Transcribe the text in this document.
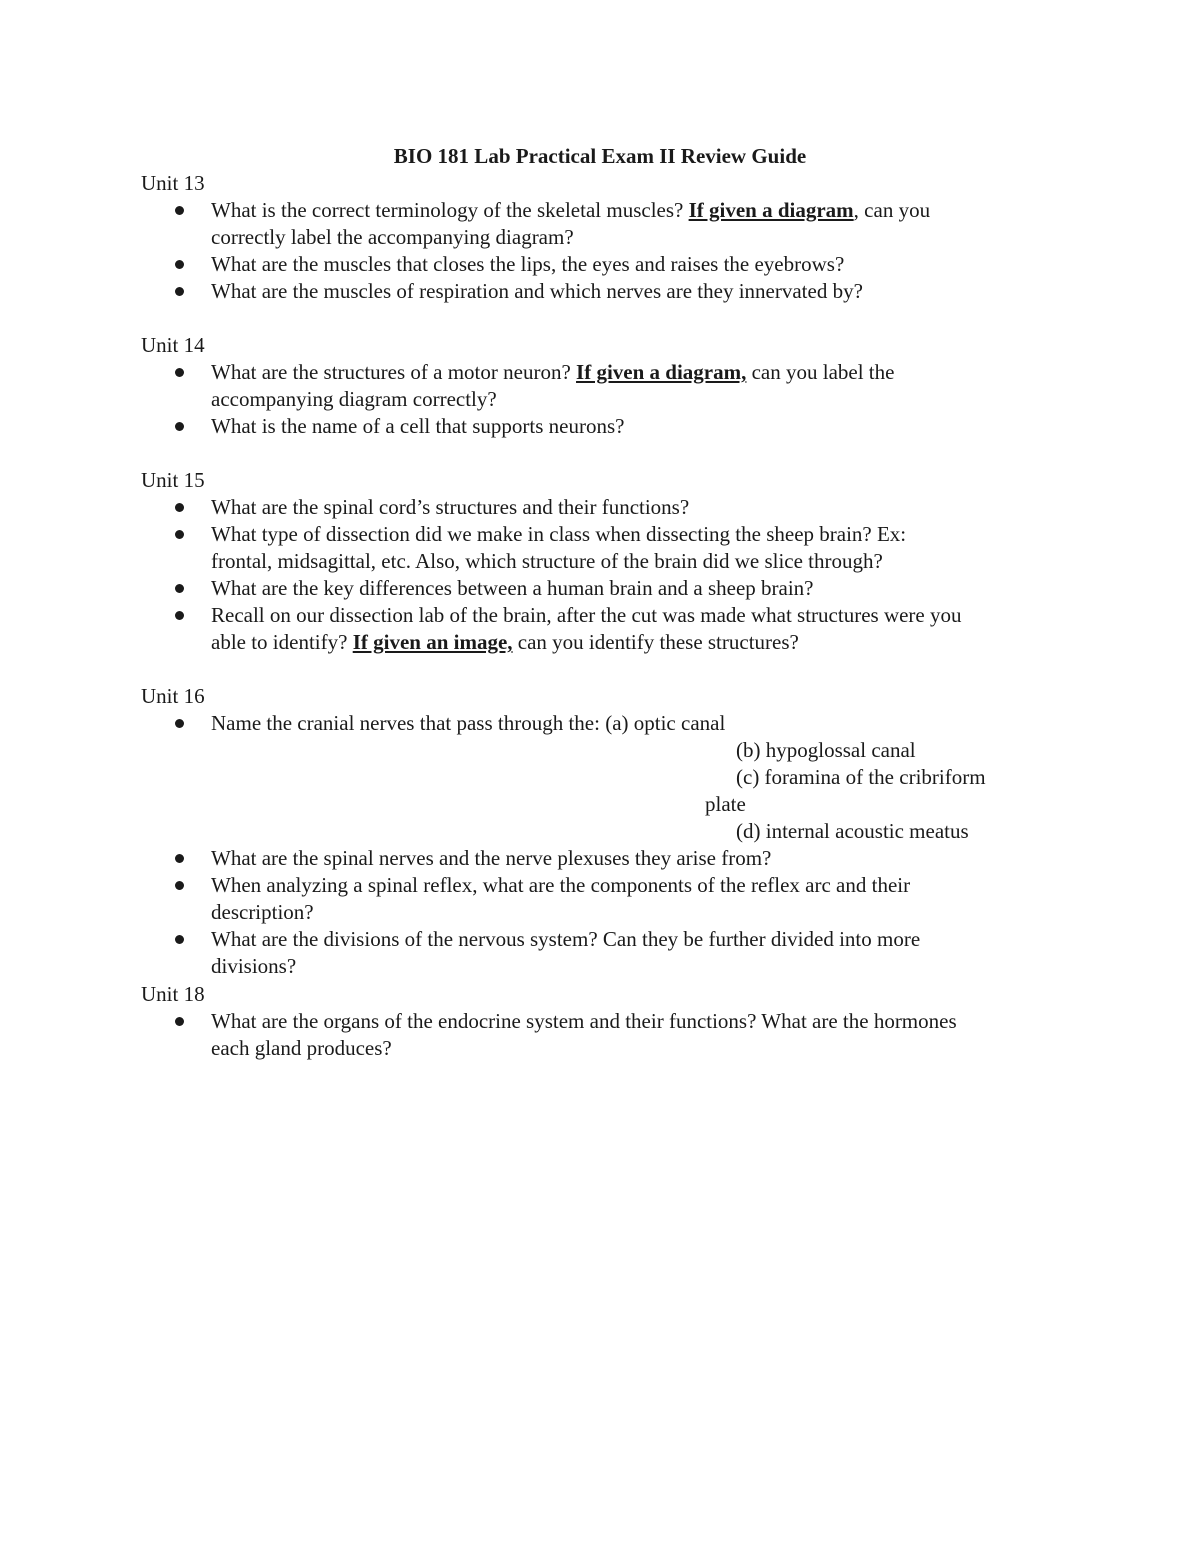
BIO 181 Lab Practical Exam II Review Guide
Unit 13
What is the correct terminology of the skeletal muscles? If given a diagram, can you
correctly label the accompanying diagram?
What are the muscles that closes the lips, the eyes and raises the eyebrows?
What are the muscles of respiration and which nerves are they innervated by?
Unit 14
What are the structures of a motor neuron? If given a diagram, can you label the
accompanying diagram correctly?
What is the name of a cell that supports neurons?
Unit 15
What are the spinal cord’s structures and their functions?
What type of dissection did we make in class when dissecting the sheep brain? Ex:
frontal, midsagittal, etc. Also, which structure of the brain did we slice through?
What are the key differences between a human brain and a sheep brain?
Recall on our dissection lab of the brain, after the cut was made what structures were you
able to identify? If given an image, can you identify these structures?
Unit 16
Name the cranial nerves that pass through the: (a) optic canal
(b) hypoglossal canal
(c) foramina of the cribriform
plate
(d) internal acoustic meatus
What are the spinal nerves and the nerve plexuses they arise from?
When analyzing a spinal reflex, what are the components of the reflex arc and their
description?
What are the divisions of the nervous system? Can they be further divided into more
divisions?
Unit 18
What are the organs of the endocrine system and their functions? What are the hormones
each gland produces?
